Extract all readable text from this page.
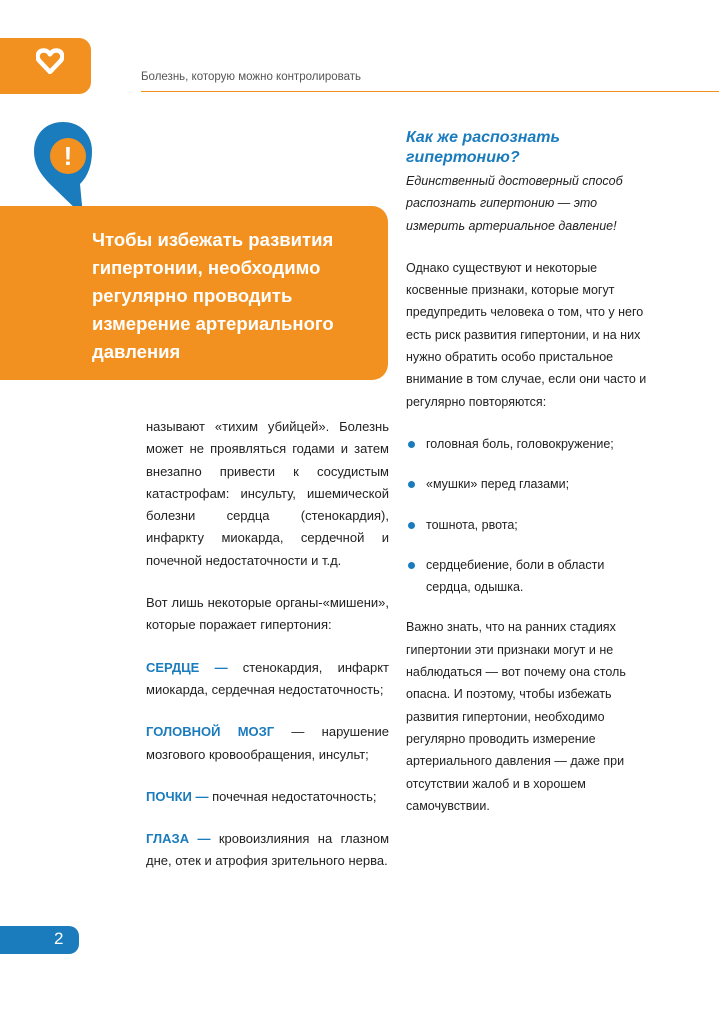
Болезнь, которую можно контролировать
!
Чтобы избежать развития гипертонии, необходимо регулярно проводить измерение артериального давления

называют «тихим убийцей». Болезнь может не проявляться годами и затем внезапно привести к сосудистым катастрофам: инсульту, ишемической болезни сердца (стенокардия), инфаркту миокарда, сердечной и почечной недостаточности и т.д.

Вот лишь некоторые органы-«мишени», которые поражает гипертония:

СЕРДЦЕ — стенокардия, инфаркт миокарда, сердечная недостаточность;

ГОЛОВНОЙ МОЗГ — нарушение мозгового кровообращения, инсульт;

ПОЧКИ — почечная недостаточность;

ГЛАЗА — кровоизлияния на глазном дне, отек и атрофия зрительного нерва.

Как же распознать гипертонию?

Единственный достоверный способ распознать гипертонию — это измерить артериальное давление!

Однако существуют и некоторые косвенные признаки, которые могут предупредить человека о том, что у него есть риск развития гипертонии, и на них нужно обратить особо пристальное внимание в том случае, если они часто и регулярно повторяются:

головная боль, головокружение;
«мушки» перед глазами;
тошнота, рвота;
сердцебиение, боли в области сердца, одышка.

Важно знать, что на ранних стадиях гипертонии эти признаки могут и не наблюдаться — вот почему она столь опасна. И поэтому, чтобы избежать развития гипертонии, необходимо регулярно проводить измерение артериального давления — даже при отсутствии жалоб и в хорошем самочувствии.

2
